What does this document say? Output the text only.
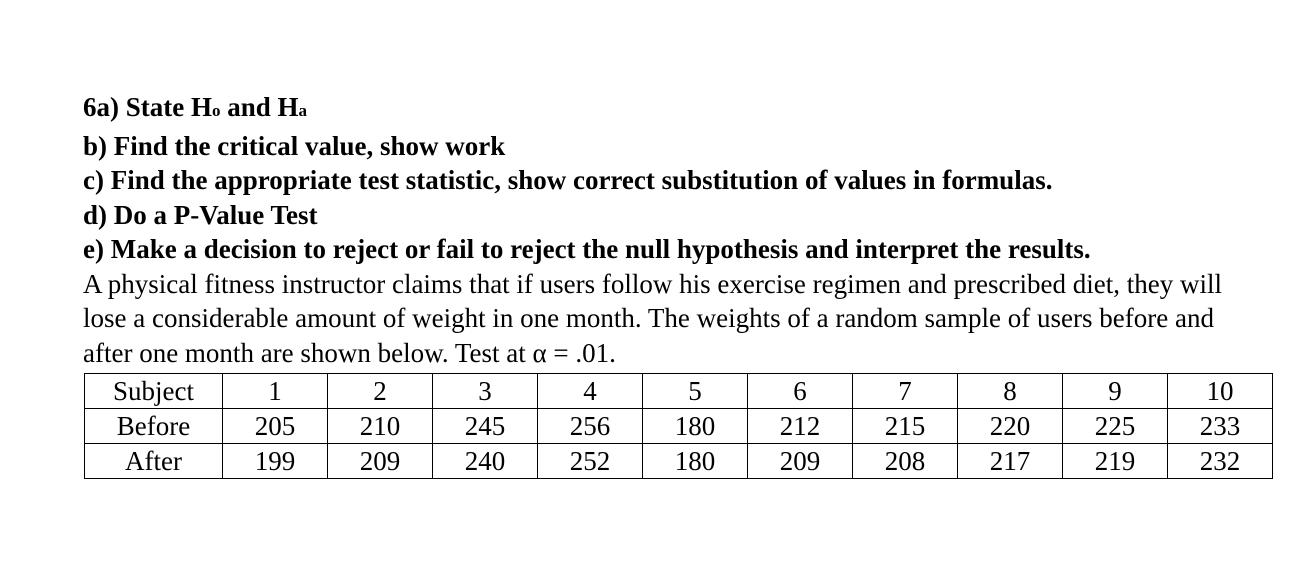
6a) State Ho and Ha
b) Find the critical value, show work
c) Find the appropriate test statistic, show correct substitution of values in formulas.
d) Do a P-Value Test
e) Make a decision to reject or fail to reject the null hypothesis and interpret the results.
A physical fitness instructor claims that if users follow his exercise regimen and prescribed diet, they will lose a considerable amount of weight in one month. The weights of a random sample of users before and after one month are shown below. Test at α = .01.
Subject	1	2	3	4	5	6	7	8	9	10
Before	205	210	245	256	180	212	215	220	225	233
After	199	209	240	252	180	209	208	217	219	232
